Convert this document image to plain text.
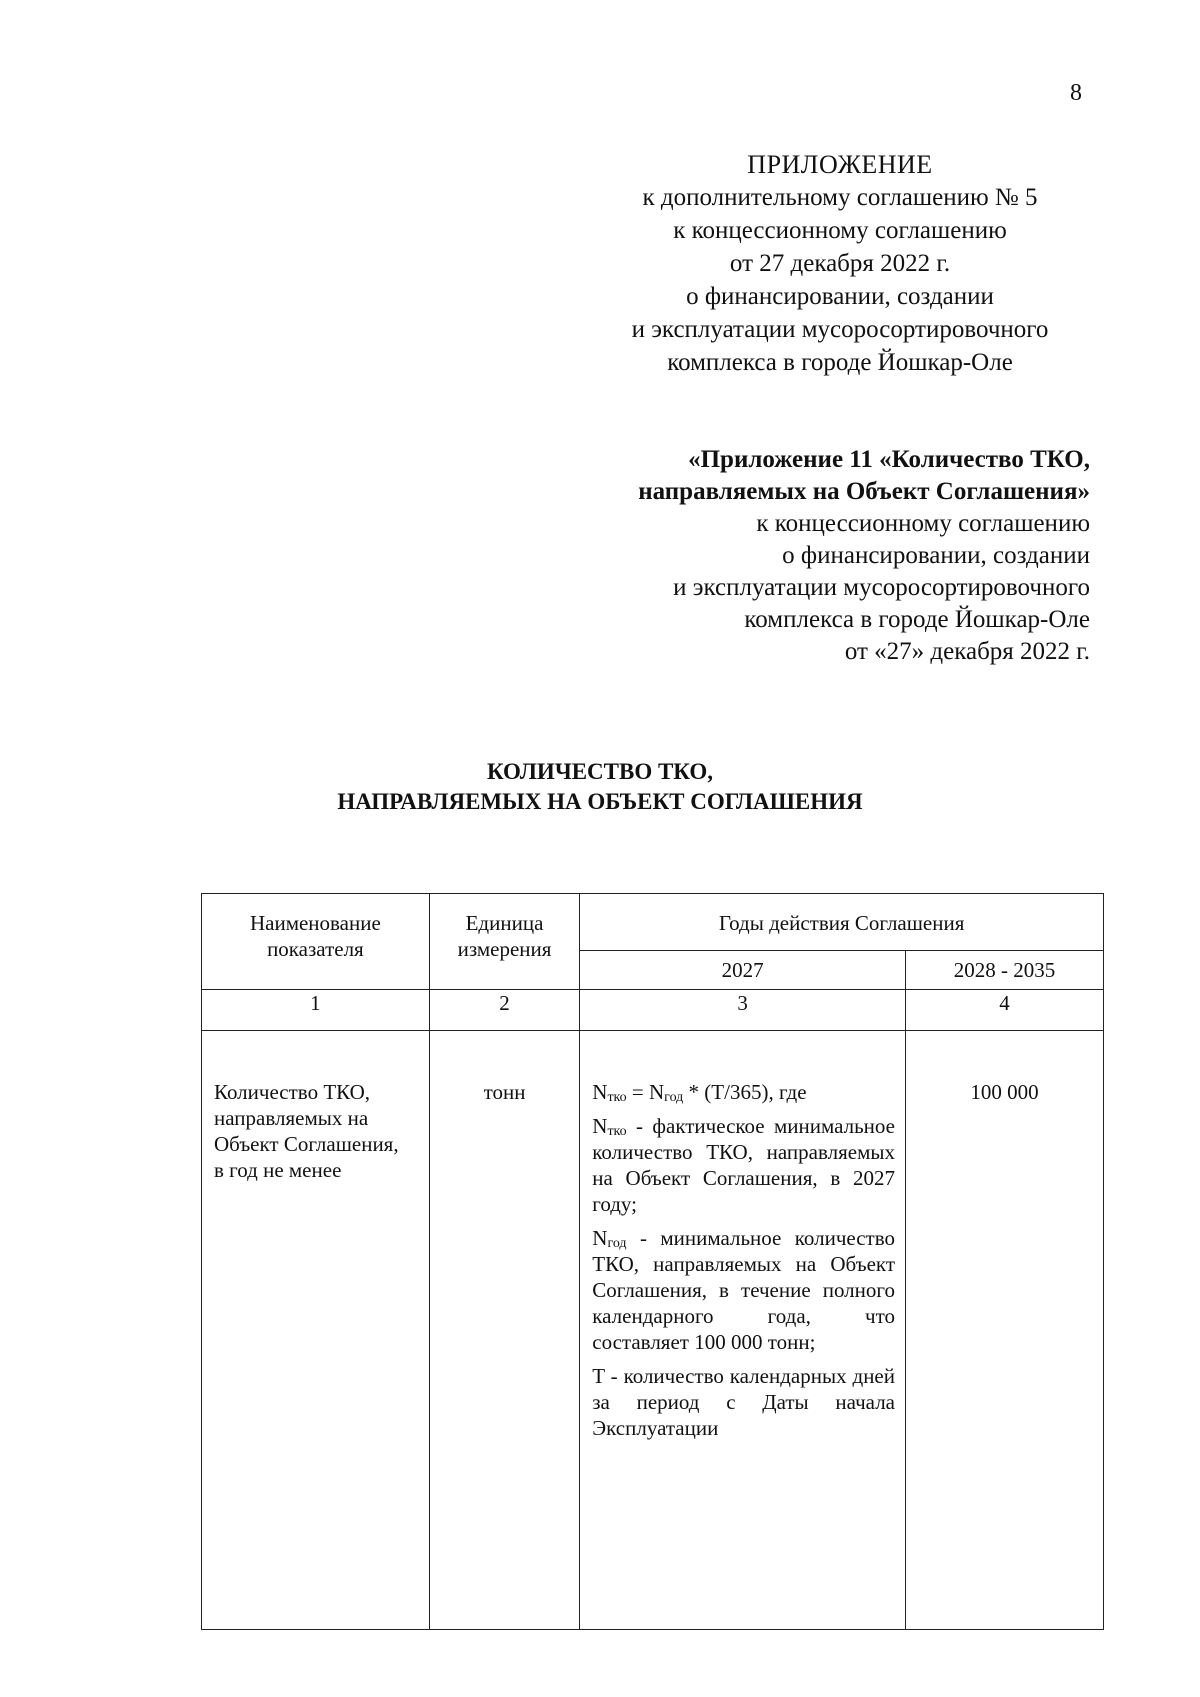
8
ПРИЛОЖЕНИЕ
к дополнительному соглашению № 5
к концессионному соглашению
от 27 декабря 2022 г.
о финансировании, создании
и эксплуатации мусоросортировочного
комплекса в городе Йошкар-Оле
«Приложение 11 «Количество ТКО,
направляемых на Объект Соглашения»
к концессионному соглашению
о финансировании, создании
и эксплуатации мусоросортировочного
комплекса в городе Йошкар-Оле
от «27» декабря 2022 г.
КОЛИЧЕСТВО ТКО,
НАПРАВЛЯЕМЫХ НА ОБЪЕКТ СОГЛАШЕНИЯ
Наименование показателя	Единица измерения	Годы действия Соглашения	
		2027	2028 - 2035
1	2	3	4

Количество ТКО, направляемых на Объект Соглашения, в год не менее	тонн	$N_{тко} = N_{год} * (T/365)$, где
$N_{тко}$ - фактическое минимальное количество ТКО, направляемых на Объект Соглашения, в 2027 году;
$N_{год}$ - минимальное количество ТКО, направляемых на Объект Соглашения, в течение полного календарного года, что составляет 100 000 тонн;
T - количество календарных дней за период с Даты начала Эксплуатации	100 000
